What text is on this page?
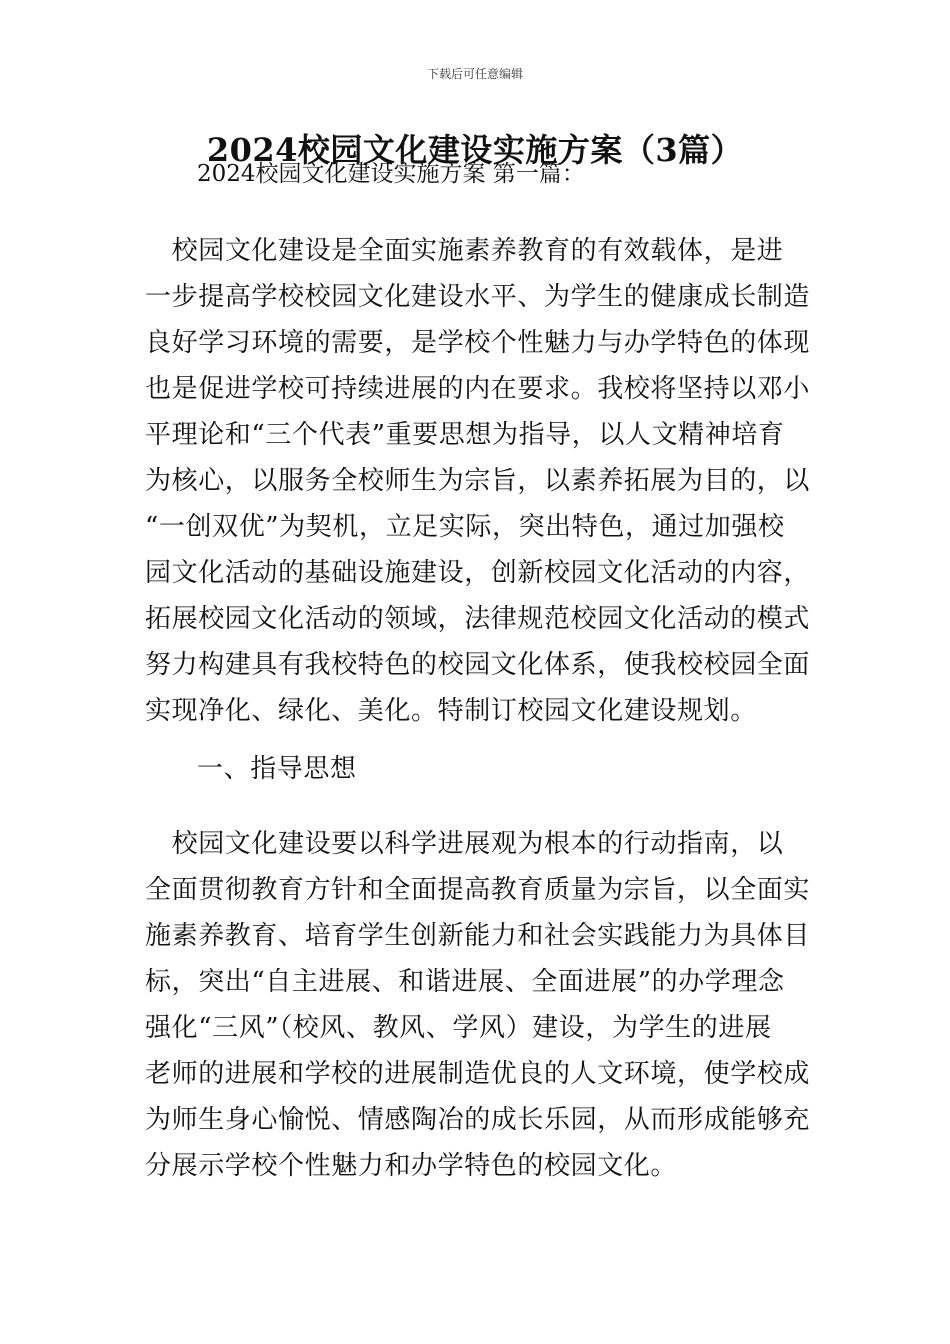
下载后可任意编辑
2024校园文化建设实施方案（3篇）
2024校园文化建设实施方案 第一篇：
　校园文化建设是全面实施素养教育的有效载体，是进
一步提高学校校园文化建设水平、为学生的健康成长制造
良好学习环境的需要，是学校个性魅力与办学特色的体现
也是促进学校可持续进展的内在要求。我校将坚持以邓小
平理论和“三个代表”重要思想为指导，以人文精神培育
为核心，以服务全校师生为宗旨，以素养拓展为目的，以
“一创双优”为契机，立足实际，突出特色，通过加强校
园文化活动的基础设施建设，创新校园文化活动的内容，
拓展校园文化活动的领域，法律规范校园文化活动的模式
努力构建具有我校特色的校园文化体系，使我校校园全面
实现净化、绿化、美化。特制订校园文化建设规划。
一、指导思想
　校园文化建设要以科学进展观为根本的行动指南，以
全面贯彻教育方针和全面提高教育质量为宗旨，以全面实
施素养教育、培育学生创新能力和社会实践能力为具体目
标，突出“自主进展、和谐进展、全面进展”的办学理念
强化“三风”（校风、教风、学风）建设，为学生的进展
老师的进展和学校的进展制造优良的人文环境，使学校成
为师生身心愉悦、情感陶冶的成长乐园，从而形成能够充
分展示学校个性魅力和办学特色的校园文化。
